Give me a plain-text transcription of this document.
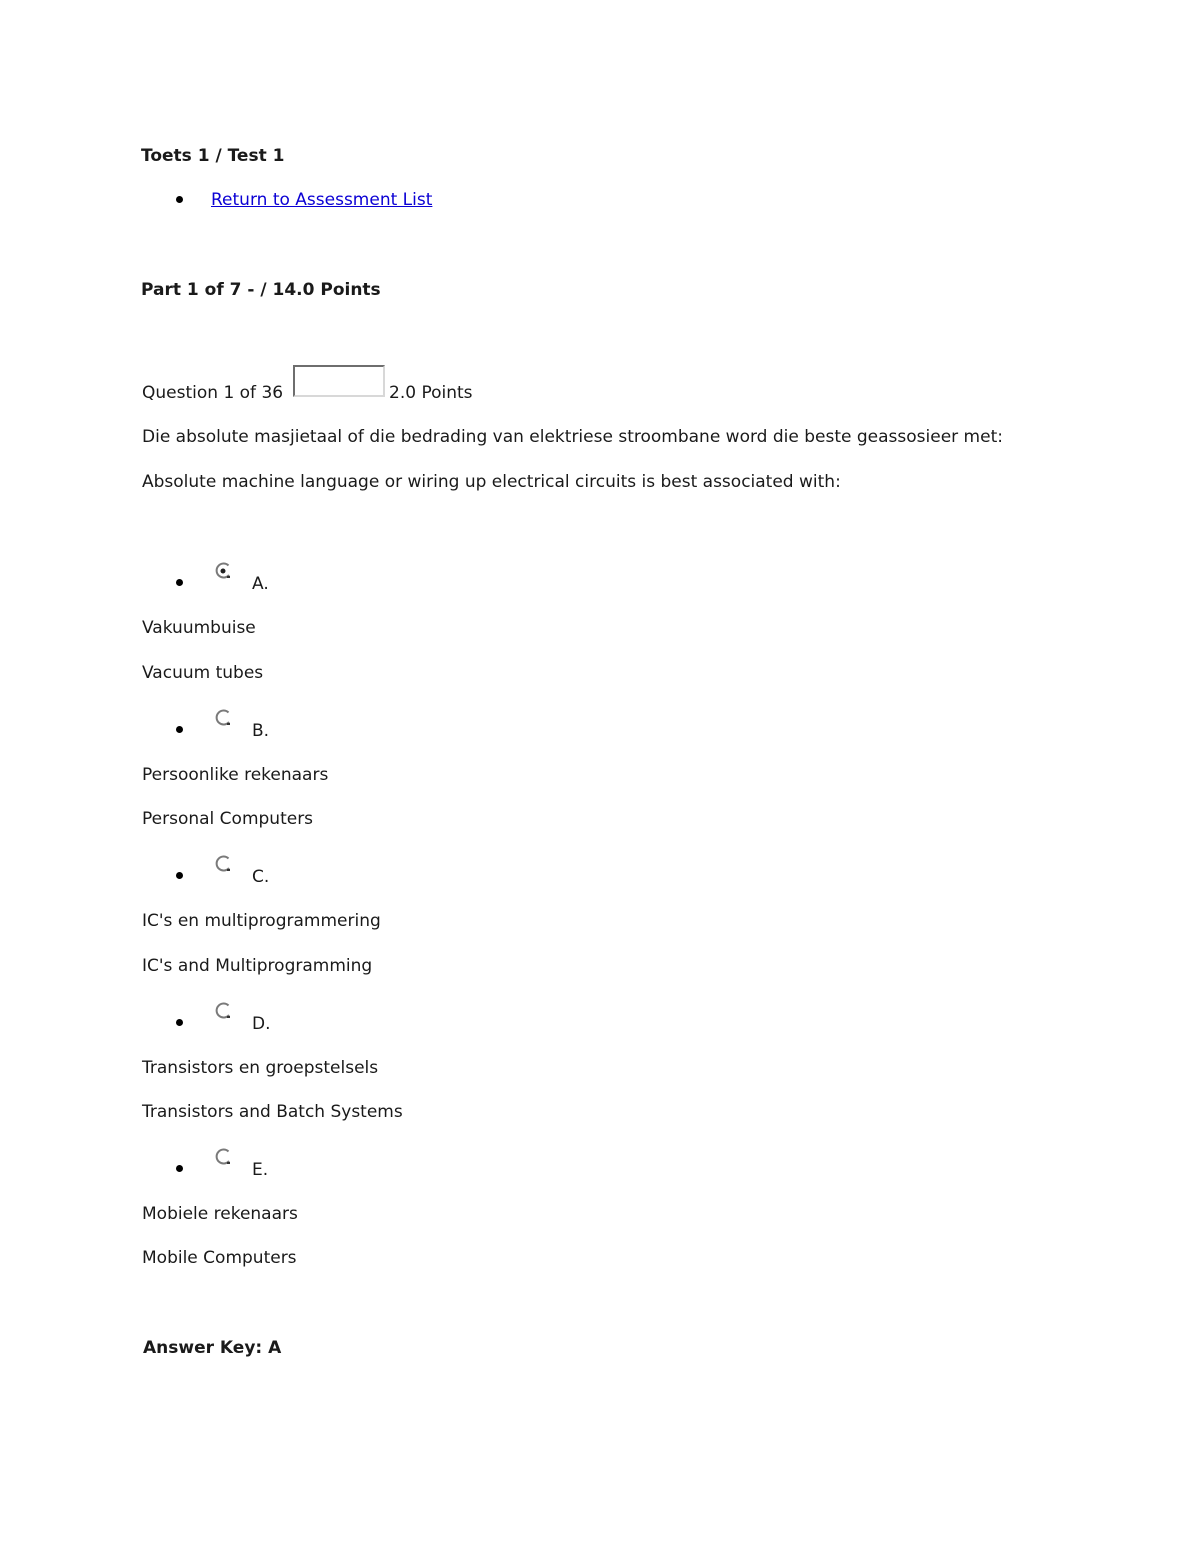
Toets 1 / Test 1
Return to Assessment List
Part 1 of 7 - / 14.0 Points
Question 1 of 36	2.0 Points
Die absolute masjietaal of die bedrading van elektriese stroombane word die beste geassosieer met:
Absolute machine language or wiring up electrical circuits is best associated with:
A.
Vakuumbuise
Vacuum tubes
B.
Persoonlike rekenaars
Personal Computers
C.
IC's en multiprogrammering
IC's and Multiprogramming
D.
Transistors en groepstelsels
Transistors and Batch Systems
E.
Mobiele rekenaars
Mobile Computers
Answer Key: A
